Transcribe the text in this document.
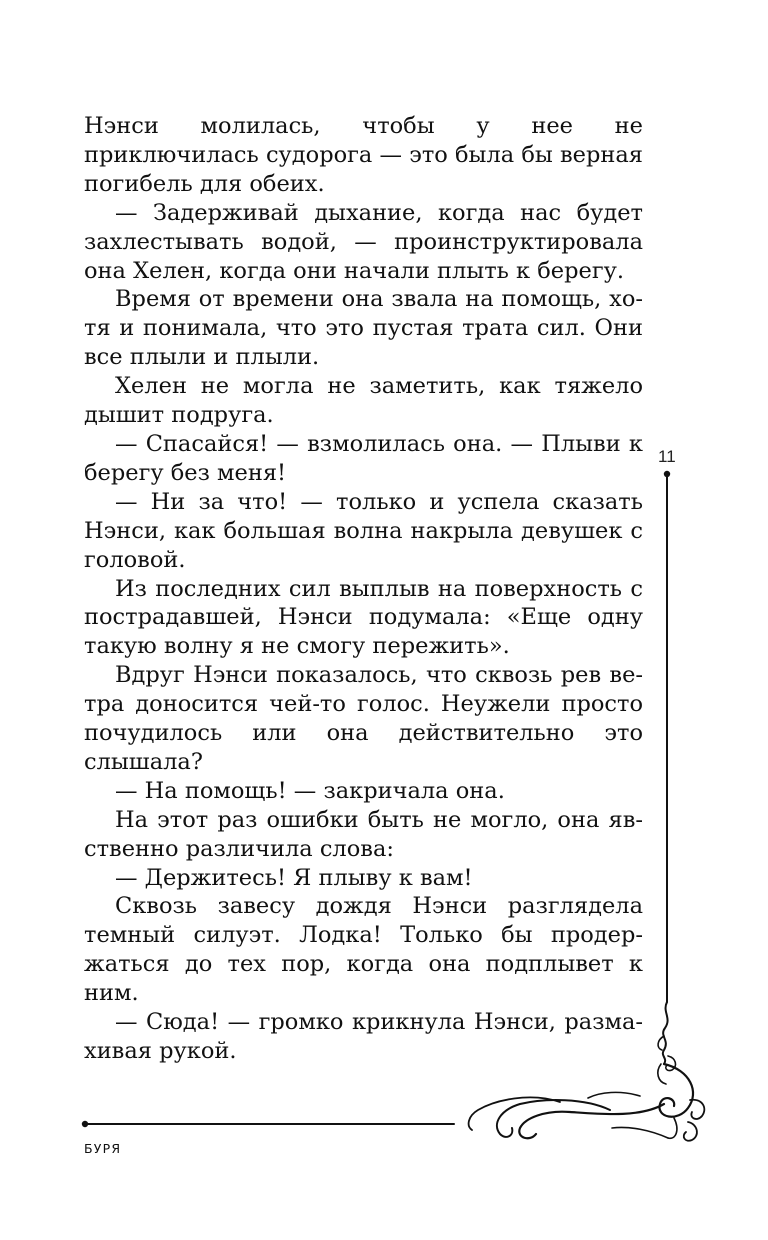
Нэнси молилась, чтобы у нее не приключилась судорога — это была бы верная погибель для обеих.

— Задерживай дыхание, когда нас будет захлестывать водой, — проинструктировала она Хелен, когда они начали плыть к берегу.

Время от времени она звала на помощь, хотя и понимала, что это пустая трата сил. Они все плыли и плыли.

Хелен не могла не заметить, как тяжело дышит подруга.

— Спасайся! — взмолилась она. — Плыви к берегу без меня!

— Ни за что! — только и успела сказать Нэнси, как большая волна накрыла девушек с головой.

Из последних сил выплыв на поверхность с пострадавшей, Нэнси подумала: «Еще одну такую волну я не смогу пережить».

Вдруг Нэнси показалось, что сквозь рев ветра доносится чей-то голос. Неужели просто почудилось или она действительно это слышала?

— На помощь! — закричала она.

На этот раз ошибки быть не могло, она явственно различила слова:

— Держитесь! Я плыву к вам!

Сквозь завесу дождя Нэнси разглядела темный силуэт. Лодка! Только бы продержаться до тех пор, когда она подплывет к ним.

— Сюда! — громко крикнула Нэнси, размахивая рукой.

11
БУРЯ
